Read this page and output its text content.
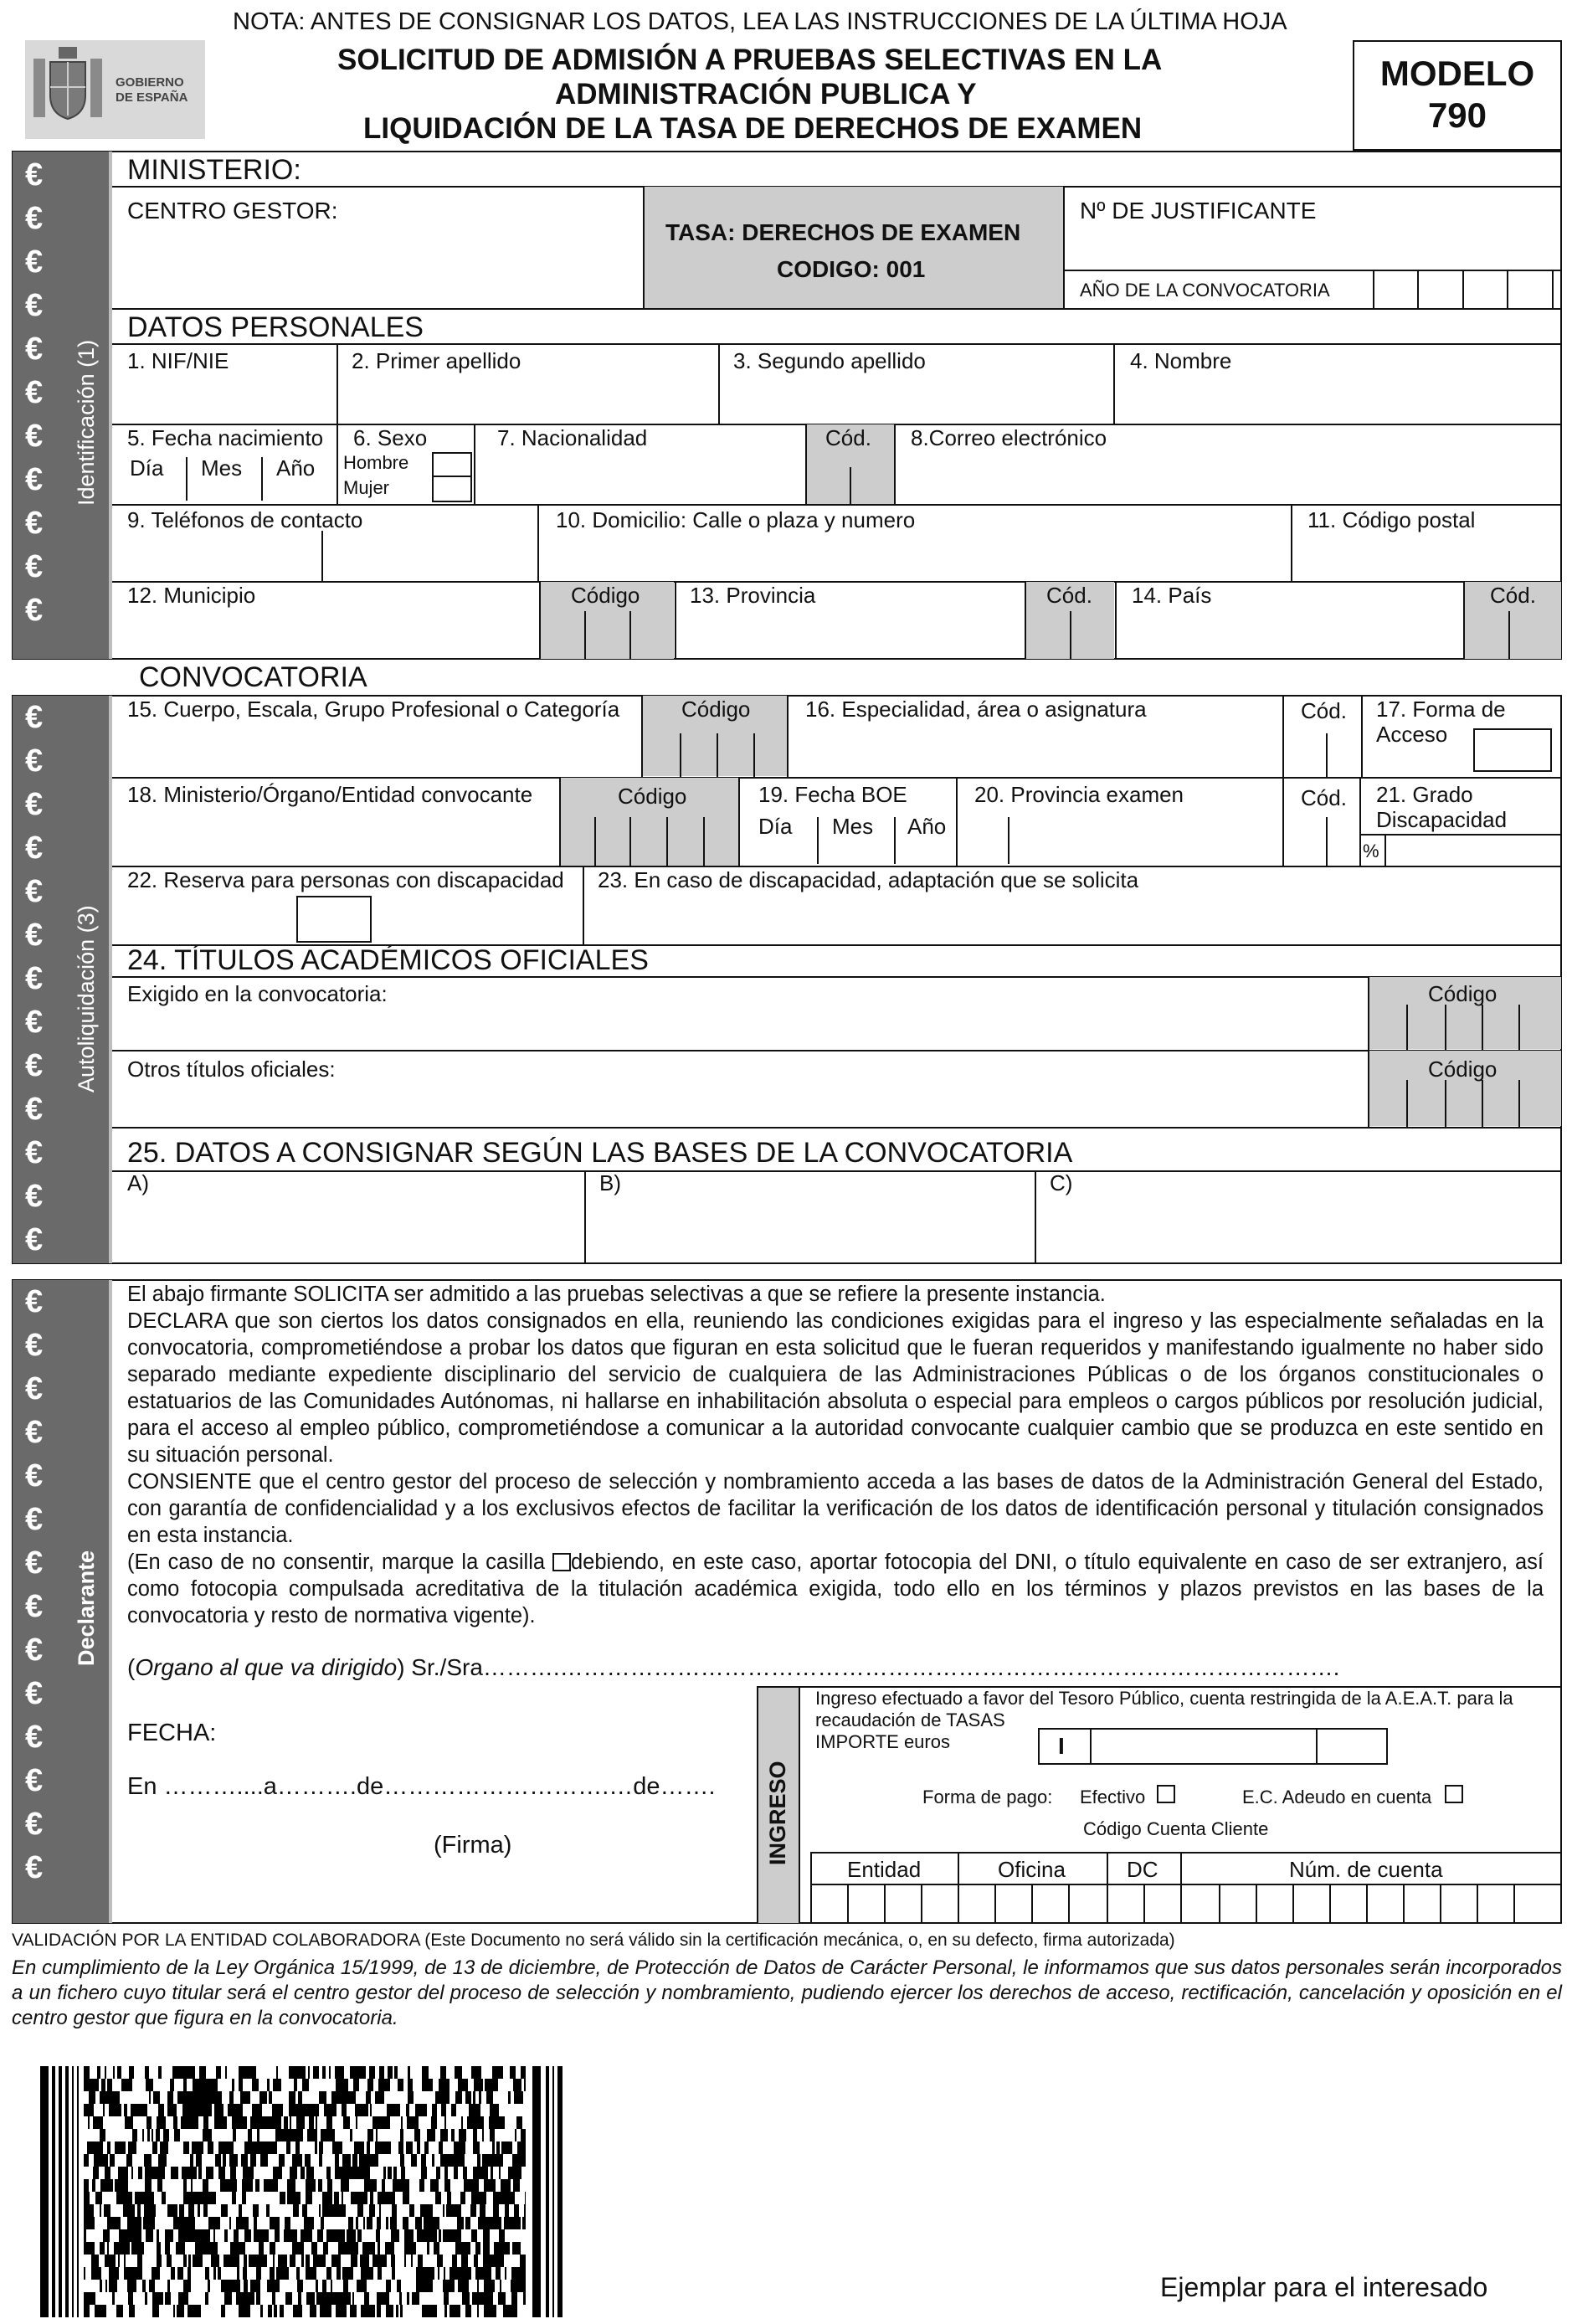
NOTA: ANTES DE CONSIGNAR LOS DATOS, LEA LAS INSTRUCCIONES DE LA ÚLTIMA HOJA
GOBIERNO
DE ESPAÑA
SOLICITUD DE ADMISIÓN A PRUEBAS SELECTIVAS EN LA
ADMINISTRACIÓN PUBLICA Y
LIQUIDACIÓN DE LA TASA DE DERECHOS DE EXAMEN
MODELO
790
Identificación (1)
€
€
€
€
€
€
€
€
€
€
€
MINISTERIO:
CENTRO GESTOR:
TASA: DERECHOS DE EXAMEN
CODIGO: 001
Nº DE JUSTIFICANTE
AÑO DE LA CONVOCATORIA
DATOS PERSONALES
1. NIF/NIE	2. Primer apellido	3. Segundo apellido	4. Nombre
5. Fecha nacimiento
Día Mes Año
6. Sexo
Hombre
Mujer
7. Nacionalidad	Cód. 8.Correo electrónico
9. Teléfonos de contacto	10. Domicilio: Calle o plaza y numero	11. Código postal
12. Municipio	Código 13. Provincia	Cód. 14. País	Cód.
CONVOCATORIA
Autoliquidación (3)
€
€
€
€
€
€
€
€
€
€
€
€
€
15. Cuerpo, Escala, Grupo Profesional o Categoría	Código	16. Especialidad, área o asignatura	Cód. 17. Forma de
Acceso
18. Ministerio/Órgano/Entidad convocante	Código	19. Fecha BOE
Día Mes Año
20. Provincia examen	Cód. 21. Grado
Discapacidad
%
22. Reserva para personas con discapacidad 23. En caso de discapacidad, adaptación que se solicita
24. TÍTULOS ACADÉMICOS OFICIALES
Exigido en la convocatoria:	Código
Otros títulos oficiales:	Código
25. DATOS A CONSIGNAR SEGÚN LAS BASES DE LA CONVOCATORIA
A)	B)	C)
Declarante
€
€
€
€
€
€
€
€
€
€
€
€
€
€

El abajo firmante SOLICITA ser admitido a las pruebas selectivas a que se refiere la presente instancia.

DECLARA que son ciertos los datos consignados en ella, reuniendo las condiciones exigidas para el ingreso y las especialmente señaladas en la convocatoria, comprometiéndose a probar los datos que figuran en esta solicitud que le fueran requeridos y manifestando igualmente no haber sido separado mediante expediente disciplinario del servicio de cualquiera de las Administraciones Públicas o de los órganos constitucionales o estatuarios de las Comunidades Autónomas, ni hallarse en inhabilitación absoluta o especial para empleos o cargos públicos por resolución judicial, para el acceso al empleo público, comprometiéndose a comunicar a la autoridad convocante cualquier cambio que se produzca en este sentido en su situación personal.

CONSIENTE que el centro gestor del proceso de selección y nombramiento acceda a las bases de datos de la Administración General del Estado, con garantía de confidencialidad y a los exclusivos efectos de facilitar la verificación de los datos de identificación personal y titulación consignados en esta instancia.

(En caso de no consentir, marque la casilla debiendo, en este caso, aportar fotocopia del DNI, o título equivalente en caso de ser extranjero, así como fotocopia compulsada acreditativa de la titulación académica exigida, todo ello en los términos y plazos previstos en las bases de la convocatoria y resto de normativa vigente).

(Organo al que va dirigido) Sr./Sra……….……………………………………………………………………………………….
FECHA:
En ………....a……….de……………………….…de…….
(Firma)	INGRESO
Ingreso efectuado a favor del Tesoro Público, cuenta restringida de la A.E.A.T. para la
recaudación de TASAS
IMPORTE euros	I
Forma de pago: Efectivo	E.C. Adeudo en cuenta
Código Cuenta Cliente
Entidad	Oficina	DC	Núm. de cuenta
VALIDACIÓN POR LA ENTIDAD COLABORADORA (Este Documento no será válido sin la certificación mecánica, o, en su defecto, firma autorizada)
En cumplimiento de la Ley Orgánica 15/1999, de 13 de diciembre, de Protección de Datos de Carácter Personal, le informamos que sus datos personales serán incorporados a un fichero cuyo titular será el centro gestor del proceso de selección y nombramiento, pudiendo ejercer los derechos de acceso, rectificación, cancelación y oposición en el centro gestor que figura en la convocatoria.
Ejemplar para el interesado
